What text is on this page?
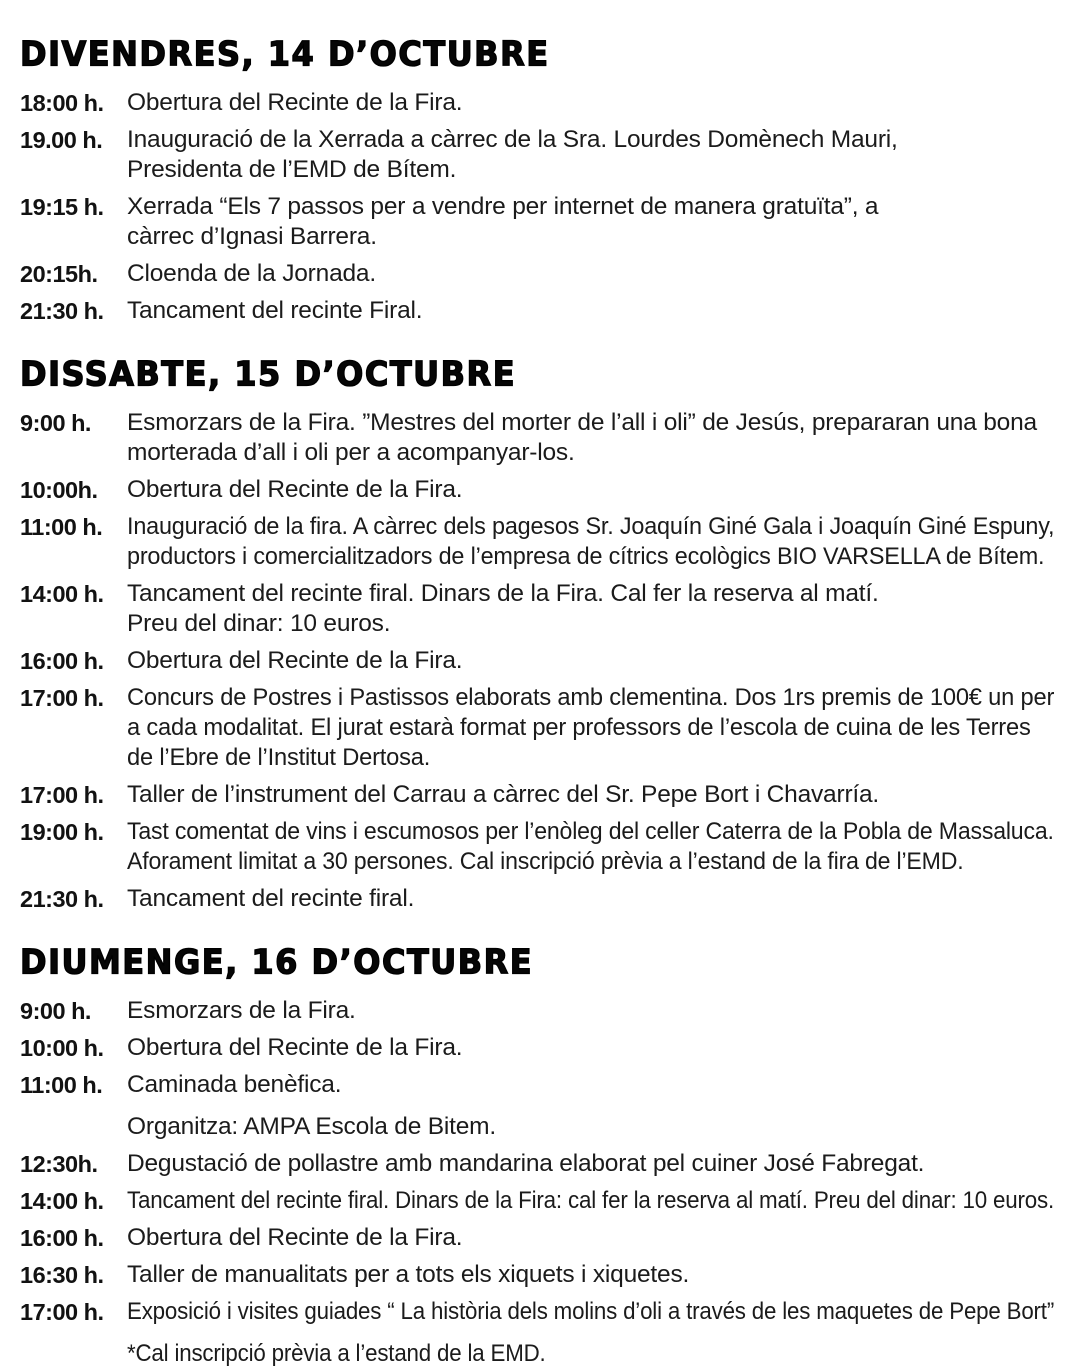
DIVENDRES, 14 D’OCTUBRE
18:00 h. Obertura del Recinte de la Fira.
19.00 h.	Inauguració de la Xerrada a càrrec de la Sra. Lourdes Domènech Mauri,
Presidenta de l’EMD de Bítem.
19:15 h. Xerrada “Els 7 passos per a vendre per internet de manera gratuïta”, a
càrrec d’Ignasi Barrera.
20:15h.	Cloenda de la Jornada.
21:30 h. Tancament del recinte Firal.
DISSABTE, 15 D’OCTUBRE
9:00 h.	Esmorzars de la Fira. ”Mestres del morter de l’all i oli” de Jesús, prepararan una bona
morterada d’all i oli per a acompanyar-los.
10:00h.	Obertura del Recinte de la Fira.
11:00 h.	Inauguració de la fira. A càrrec dels pagesos Sr. Joaquín Giné Gala i Joaquín Giné Espuny,
productors i comercialitzadors de l’empresa de cítrics ecològics BIO VARSELLA de Bítem.
14:00 h. Tancament del recinte firal. Dinars de la Fira. Cal fer la reserva al matí.
Preu del dinar: 10 euros.
16:00 h. Obertura del Recinte de la Fira.
17:00 h. Concurs de Postres i Pastissos elaborats amb clementina. Dos 1rs premis de 100€ un per
a cada modalitat. El jurat estarà format per professors de l’escola de cuina de les Terres
de l’Ebre de l’Institut Dertosa.
17:00 h. Taller de l’instrument del Carrau a càrrec del Sr. Pepe Bort i Chavarría.
19:00 h. Tast comentat de vins i escumosos per l’enòleg del celler Caterra de la Pobla de Massaluca.
Aforament limitat a 30 persones. Cal inscripció prèvia a l’estand de la fira de l’EMD.
21:30 h. Tancament del recinte firal.
DIUMENGE, 16 D’OCTUBRE
9:00 h.	Esmorzars de la Fira.
10:00 h. Obertura del Recinte de la Fira.
11:00 h.	Caminada benèfica.
Organitza: AMPA Escola de Bitem.
12:30h.	Degustació de pollastre amb mandarina elaborat pel cuiner José Fabregat.
14:00 h. Tancament del recinte firal. Dinars de la Fira: cal fer la reserva al matí. Preu del dinar: 10 euros.
16:00 h. Obertura del Recinte de la Fira.
16:30 h. Taller de manualitats per a tots els xiquets i xiquetes.
17:00 h. Exposició i visites guiades “ La història dels molins d’oli a través de les maquetes de Pepe Bort”
*Cal inscripció prèvia a l’estand de la EMD.
